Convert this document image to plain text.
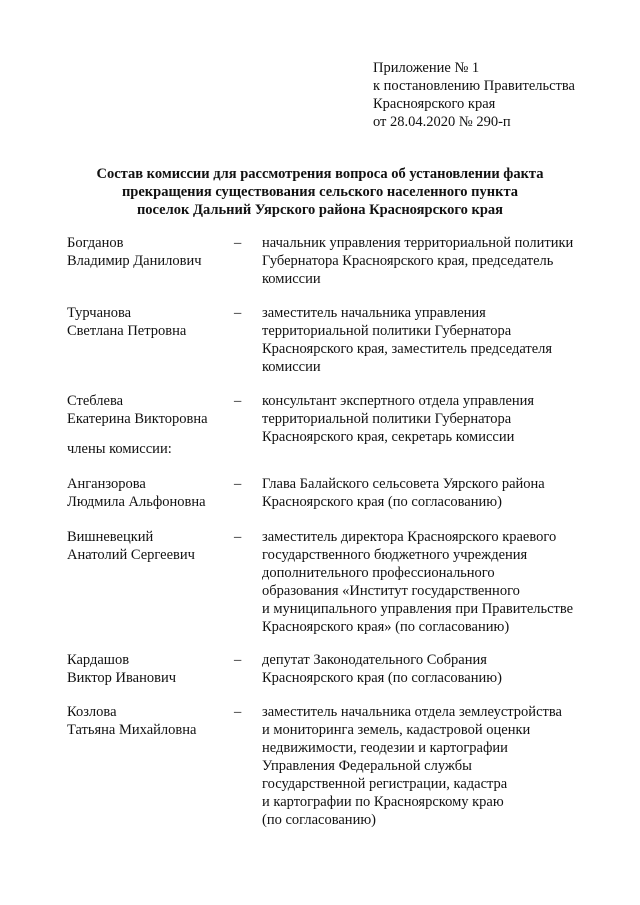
Приложение № 1
к постановлению Правительства
Красноярского края
от 28.04.2020 № 290-п
Состав комиссии для рассмотрения вопроса об установлении факта
прекращения существования сельского населенного пункта
поселок Дальний Уярского района Красноярского края
Богданов
Владимир Данилович
– начальник управления территориальной политики
Губернатора Красноярского края, председатель
комиссии
Турчанова
Светлана Петровна
– заместитель начальника управления
территориальной политики Губернатора
Красноярского края, заместитель председателя
комиссии
Стеблева
Екатерина Викторовна
– консультант экспертного отдела управления
территориальной политики Губернатора
Красноярского края, секретарь комиссии
члены комиссии:
Анганзорова
Людмила Альфоновна
– Глава Балайского сельсовета Уярского района
Красноярского края (по согласованию)
Вишневецкий
Анатолий Сергеевич
– заместитель директора Красноярского краевого
государственного бюджетного учреждения
дополнительного профессионального
образования «Институт государственного
и муниципального управления при Правительстве
Красноярского края» (по согласованию)
Кардашов
Виктор Иванович
– депутат Законодательного Собрания
Красноярского края (по согласованию)
Козлова
Татьяна Михайловна
– заместитель начальника отдела землеустройства
и мониторинга земель, кадастровой оценки
недвижимости, геодезии и картографии
Управления Федеральной службы
государственной регистрации, кадастра
и картографии по Красноярскому краю
(по согласованию)
